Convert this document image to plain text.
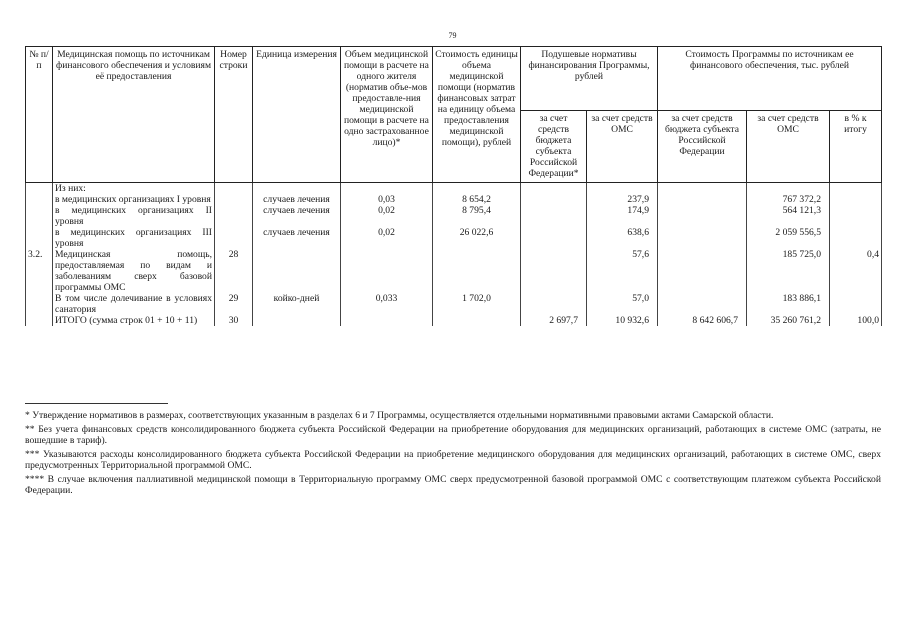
79
№ п/п	Медицинская помощь по источникам финансового обеспечения и условиям её предоставления	Номер строки	Единица измерения	Объем медицинской помощи в расчете на одного жителя (норматив объе-мов предоставле-ния медицинской помощи в расчете на одно застрахованное лицо)*	Стоимость единицы объема медицинской помощи (норматив финансовых затрат на единицу объема предоставления медицинской помощи), рублей	Подушевые нормативы финансирования Программы, рублей		Стоимость Программы по источникам ее финансового обеспечения, тыс. рублей		
						за счет средств бюджета субъекта Российской Федерации*	за счет средств ОМС	за счет средств бюджета субъекта Российской Федерации	за счет средств ОМС	в % к итогу
	Из них:									
	в медицинских организациях I уровня		случаев лечения	0,03	8 654,2		237,9		767 372,2	
	в медицинских организациях II уровня		случаев лечения	0,02	8 795,4		174,9		564 121,3	
	в медицинских организациях III уровня		случаев лечения	0,02	26 022,6		638,6		2 059 556,5	
3.2.	Медицинская помощь, предоставляемая по видам и заболеваниям сверх базовой программы ОМС	28					57,6		185 725,0	0,4
	В том числе долечивание в условиях санатория	29	койко-дней	0,033	1 702,0		57,0		183 886,1	
	ИТОГО (сумма строк 01 + 10 + 11)	30				2 697,7	10 932,6	8 642 606,7	35 260 761,2	100,0

* Утверждение нормативов в размерах, соответствующих указанным в разделах 6 и 7 Программы, осуществляется отдельными нормативными правовыми актами Самарской области.

** Без учета финансовых средств консолидированного бюджета субъекта Российской Федерации на приобретение оборудования для медицинских организаций, работающих в системе ОМС (затраты, не вошедшие в тариф).

*** Указываются расходы консолидированного бюджета субъекта Российской Федерации на приобретение медицинского оборудования для медицинских организаций, работающих в системе ОМС, сверх предусмотренных Территориальной программой ОМС.

**** В случае включения паллиативной медицинской помощи в Территориальную программу ОМС сверх предусмотренной базовой программой ОМС с соответствующим платежом субъекта Российской Федерации.
